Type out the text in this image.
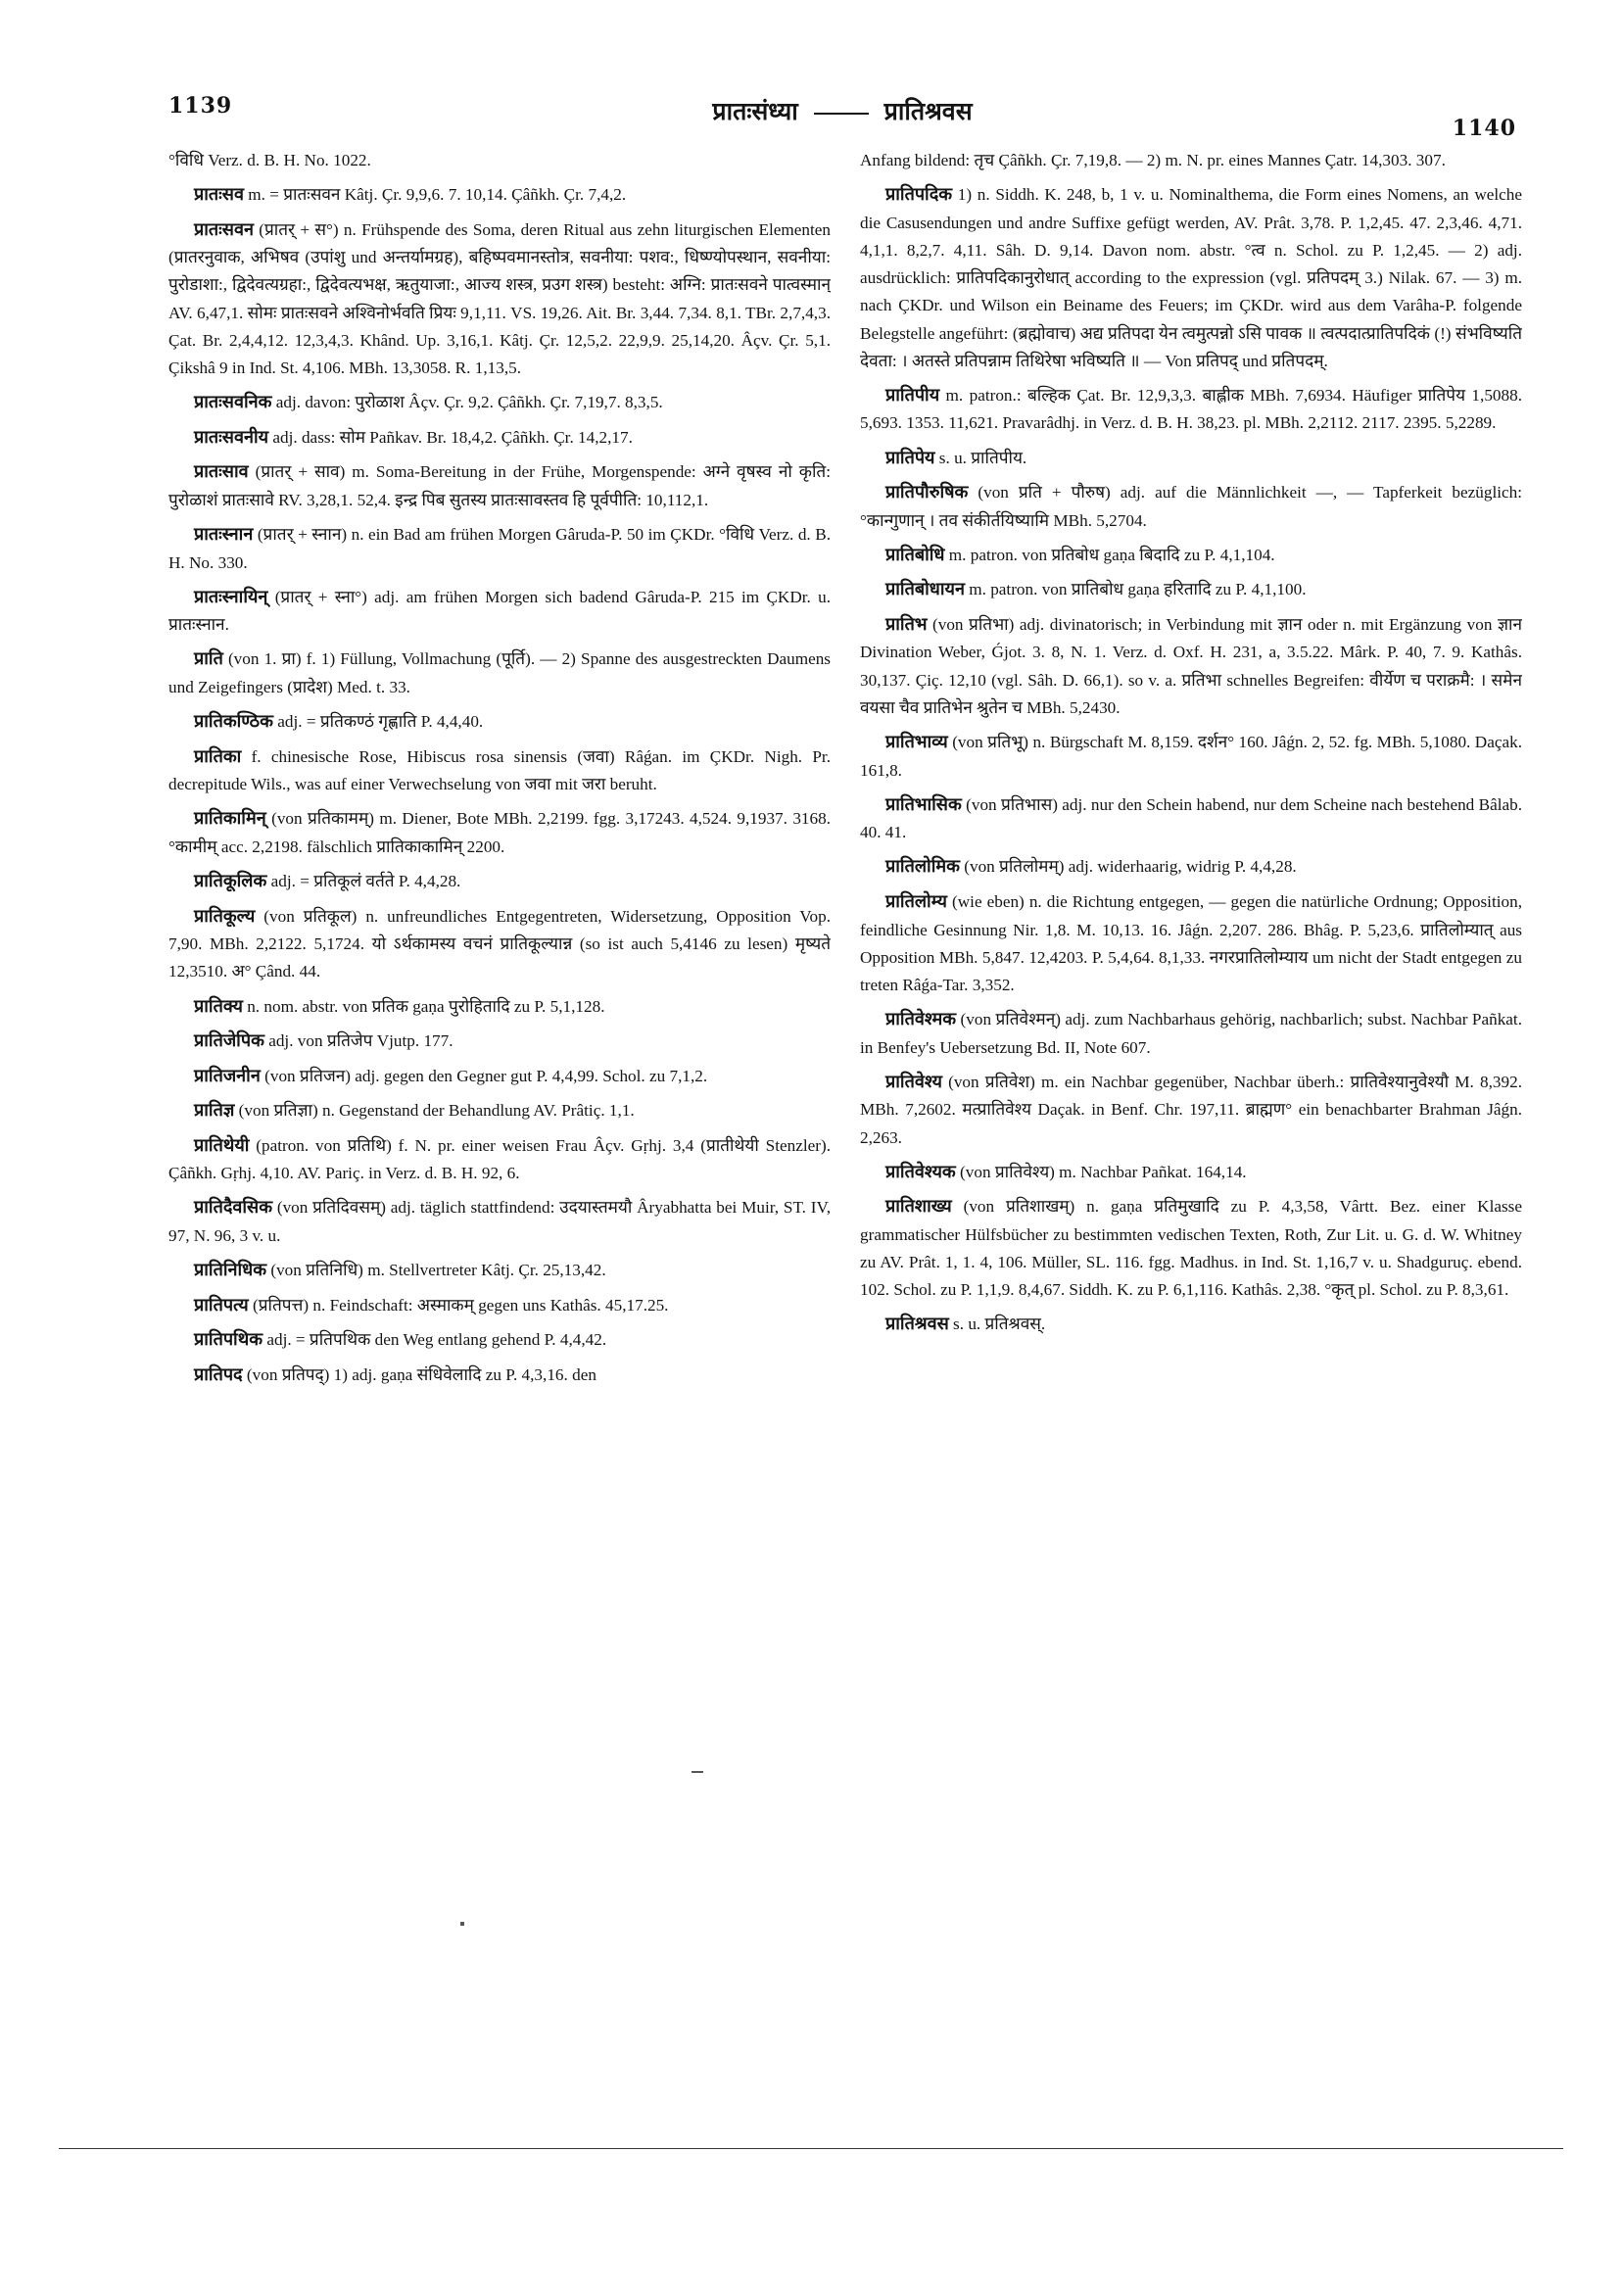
1139	प्रातःसंध्या	प्रातिश्रवस
1140

°विधि Verz. d. B. H. No. 1022.

प्रातःसव m. = प्रातःसवन Kâtj. Çr. 9,9,6. 7. 10,14. Çâñkh. Çr. 7,4,2.

प्रातःसवन (प्रातर् + स°) n. Frühspende des Soma, deren Ritual aus zehn liturgischen Elementen (प्रातरनुवाक, अभिषव (उपांशु und अन्तर्यामग्रह), बहिष्पवमानस्तोत्र, सवनीया: पशव:, धिष्ण्योपस्थान, सवनीया: पुरोडाशा:, द्विदेवत्यग्रहा:, द्विदेवत्यभक्ष, ऋतुयाजा:, आज्य शस्त्र, प्रउग शस्त्र) besteht: अग्नि: प्रातःसवने पात्वस्मान् AV. 6,47,1. सोमः प्रातःसवने अश्विनोर्भवति प्रियः 9,1,11. VS. 19,26. Ait. Br. 3,44. 7,34. 8,1. TBr. 2,7,4,3. Çat. Br. 2,4,4,12. 12,3,4,3. Khând. Up. 3,16,1. Kâtj. Çr. 12,5,2. 22,9,9. 25,14,20. Âçv. Çr. 5,1. Çikshâ 9 in Ind. St. 4,106. MBh. 13,3058. R. 1,13,5.

प्रातःसवनिक adj. davon: पुरोळाश Âçv. Çr. 9,2. Çâñkh. Çr. 7,19,7. 8,3,5.

प्रातःसवनीय adj. dass: सोम Pañkav. Br. 18,4,2. Çâñkh. Çr. 14,2,17.

प्रातःसाव (प्रातर् + साव) m. Soma-Bereitung in der Frühe, Morgenspende: अग्ने वृषस्व नो कृति: पुरोळाशं प्रातःसावे RV. 3,28,1. 52,4. इन्द्र पिब सुतस्य प्रातःसावस्तव हि पूर्वपीति: 10,112,1.

प्रातःस्नान (प्रातर् + स्नान) n. ein Bad am frühen Morgen Gâruda-P. 50 im ÇKDr. °विधि Verz. d. B. H. No. 330.

प्रातःस्नायिन् (प्रातर् + स्ना°) adj. am frühen Morgen sich badend Gâruda-P. 215 im ÇKDr. u. प्रातःस्नान.

प्राति (von 1. प्रा) f. 1) Füllung, Vollmachung (पूर्ति). — 2) Spanne des ausgestreckten Daumens und Zeigefingers (प्रादेश) Med. t. 33.

प्रातिकण्ठिक adj. = प्रतिकण्ठं गृह्णाति P. 4,4,40.

प्रातिका f. chinesische Rose, Hibiscus rosa sinensis (जवा) Râǵan. im ÇKDr. Nigh. Pr. decrepitude Wils., was auf einer Verwechselung von जवा mit जरा beruht.

प्रातिकामिन् (von प्रतिकामम्) m. Diener, Bote MBh. 2,2199. fgg. 3,17243. 4,524. 9,1937. 3168. °कामीम् acc. 2,2198. fälschlich प्रातिकाकामिन् 2200.

प्रातिकूलिक adj. = प्रतिकूलं वर्तते P. 4,4,28.

प्रातिकूल्य (von प्रतिकूल) n. unfreundliches Entgegentreten, Widersetzung, Opposition Vop. 7,90. MBh. 2,2122. 5,1724. यो ऽर्थकामस्य वचनं प्रातिकूल्यान्न (so ist auch 5,4146 zu lesen) मृष्यते 12,3510. अ° Çând. 44.

प्रातिक्य n. nom. abstr. von प्रतिक gaṇa पुरोहितादि zu P. 5,1,128.

प्रातिजेपिक adj. von प्रतिजेप Vjutp. 177.

प्रातिजनीन (von प्रतिजन) adj. gegen den Gegner gut P. 4,4,99. Schol. zu 7,1,2.

प्रातिज्ञ (von प्रतिज्ञा) n. Gegenstand der Behandlung AV. Prâtiç. 1,1.

प्रातिथेयी (patron. von प्रतिथि) f. N. pr. einer weisen Frau Âçv. Gṛhj. 3,4 (प्रातीथेयी Stenzler). Çâñkh. Gṛhj. 4,10. AV. Pariç. in Verz. d. B. H. 92, 6.

प्रातिदैवसिक (von प्रतिदिवसम्) adj. täglich stattfindend: उदयास्तमयौ Âryabhatta bei Muir, ST. IV, 97, N. 96, 3 v. u.

प्रातिनिधिक (von प्रतिनिधि) m. Stellvertreter Kâtj. Çr. 25,13,42.

प्रातिपत्य (प्रतिपत्त) n. Feindschaft: अस्माकम् gegen uns Kathâs. 45,17.25.

प्रातिपथिक adj. = प्रतिपथिक den Weg entlang gehend P. 4,4,42.

प्रातिपद (von प्रतिपद्) 1) adj. gaṇa संधिवेलादि zu P. 4,3,16. den

Anfang bildend: तृच Çâñkh. Çr. 7,19,8. — 2) m. N. pr. eines Mannes Çatr. 14,303. 307.

प्रातिपदिक 1) n. Siddh. K. 248, b, 1 v. u. Nominalthema, die Form eines Nomens, an welche die Casusendungen und andre Suffixe gefügt werden, AV. Prât. 3,78. P. 1,2,45. 47. 2,3,46. 4,71. 4,1,1. 8,2,7. 4,11. Sâh. D. 9,14. Davon nom. abstr. °त्व n. Schol. zu P. 1,2,45. — 2) adj. ausdrücklich: प्रातिपदिकानुरोधात् according to the expression (vgl. प्रतिपदम् 3.) Nilak. 67. — 3) m. nach ÇKDr. und Wilson ein Beiname des Feuers; im ÇKDr. wird aus dem Varâha-P. folgende Belegstelle angeführt: (ब्रह्मोवाच) अद्य प्रतिपदा येन त्वमुत्पन्नो ऽसि पावक ॥ त्वत्पदात्प्रातिपदिकं (!) संभविष्यति देवता: । अतस्ते प्रतिपन्नाम तिथिरेषा भविष्यति ॥ — Von प्रतिपद् und प्रतिपदम्.

प्रातिपीय m. patron.: बल्हिक Çat. Br. 12,9,3,3. बाह्लीक MBh. 7,6934. Häufiger प्रातिपेय 1,5088. 5,693. 1353. 11,621. Pravarâdhj. in Verz. d. B. H. 38,23. pl. MBh. 2,2112. 2117. 2395. 5,2289.

प्रातिपेय s. u. प्रातिपीय.

प्रातिपौरुषिक (von प्रति + पौरुष) adj. auf die Männlichkeit —, — Tapferkeit bezüglich: °कान्गुणान् । तव संकीर्तयिष्यामि MBh. 5,2704.

प्रातिबोधि m. patron. von प्रतिबोध gaṇa बिदादि zu P. 4,1,104.

प्रातिबोधायन m. patron. von प्रातिबोध gaṇa हरितादि zu P. 4,1,100.

प्रातिभ (von प्रतिभा) adj. divinatorisch; in Verbindung mit ज्ञान oder n. mit Ergänzung von ज्ञान Divination Weber, Ǵjot. 3. 8, N. 1. Verz. d. Oxf. H. 231, a, 3.5.22. Mârk. P. 40, 7. 9. Kathâs. 30,137. Çiç. 12,10 (vgl. Sâh. D. 66,1). so v. a. प्रतिभा schnelles Begreifen: वीर्येण च पराक्रमै: । समेन वयसा चैव प्रातिभेन श्रुतेन च MBh. 5,2430.

प्रातिभाव्य (von प्रतिभू) n. Bürgschaft M. 8,159. दर्शन° 160. Jâǵn. 2, 52. fg. MBh. 5,1080. Daçak. 161,8.

प्रातिभासिक (von प्रतिभास) adj. nur den Schein habend, nur dem Scheine nach bestehend Bâlab. 40. 41.

प्रातिलोमिक (von प्रतिलोमम्) adj. widerhaarig, widrig P. 4,4,28.

प्रातिलोम्य (wie eben) n. die Richtung entgegen, — gegen die natürliche Ordnung; Opposition, feindliche Gesinnung Nir. 1,8. M. 10,13. 16. Jâǵn. 2,207. 286. Bhâg. P. 5,23,6. प्रातिलोम्यात् aus Opposition MBh. 5,847. 12,4203. P. 5,4,64. 8,1,33. नगरप्रातिलोम्याय um nicht der Stadt entgegen zu treten Râǵa-Tar. 3,352.

प्रातिवेश्मक (von प्रतिवेश्मन्) adj. zum Nachbarhaus gehörig, nachbarlich; subst. Nachbar Pañkat. in Benfey's Uebersetzung Bd. II, Note 607.

प्रातिवेश्य (von प्रतिवेश) m. ein Nachbar gegenüber, Nachbar überh.: प्रातिवेश्यानुवेश्यौ M. 8,392. MBh. 7,2602. मत्प्रातिवेश्य Daçak. in Benf. Chr. 197,11. ब्राह्मण° ein benachbarter Brahman Jâǵn. 2,263.

प्रातिवेश्यक (von प्रातिवेश्य) m. Nachbar Pañkat. 164,14.

प्रातिशाख्य (von प्रतिशाखम्) n. gaṇa प्रतिमुखादि zu P. 4,3,58, Vârtt. Bez. einer Klasse grammatischer Hülfsbücher zu bestimmten vedischen Texten, Roth, Zur Lit. u. G. d. W. Whitney zu AV. Prât. 1, 1. 4, 106. Müller, SL. 116. fgg. Madhus. in Ind. St. 1,16,7 v. u. Shadguruç. ebend. 102. Schol. zu P. 1,1,9. 8,4,67. Siddh. K. zu P. 6,1,116. Kathâs. 2,38. °कृत् pl. Schol. zu P. 8,3,61.

प्रातिश्रवस s. u. प्रतिश्रवस्.
